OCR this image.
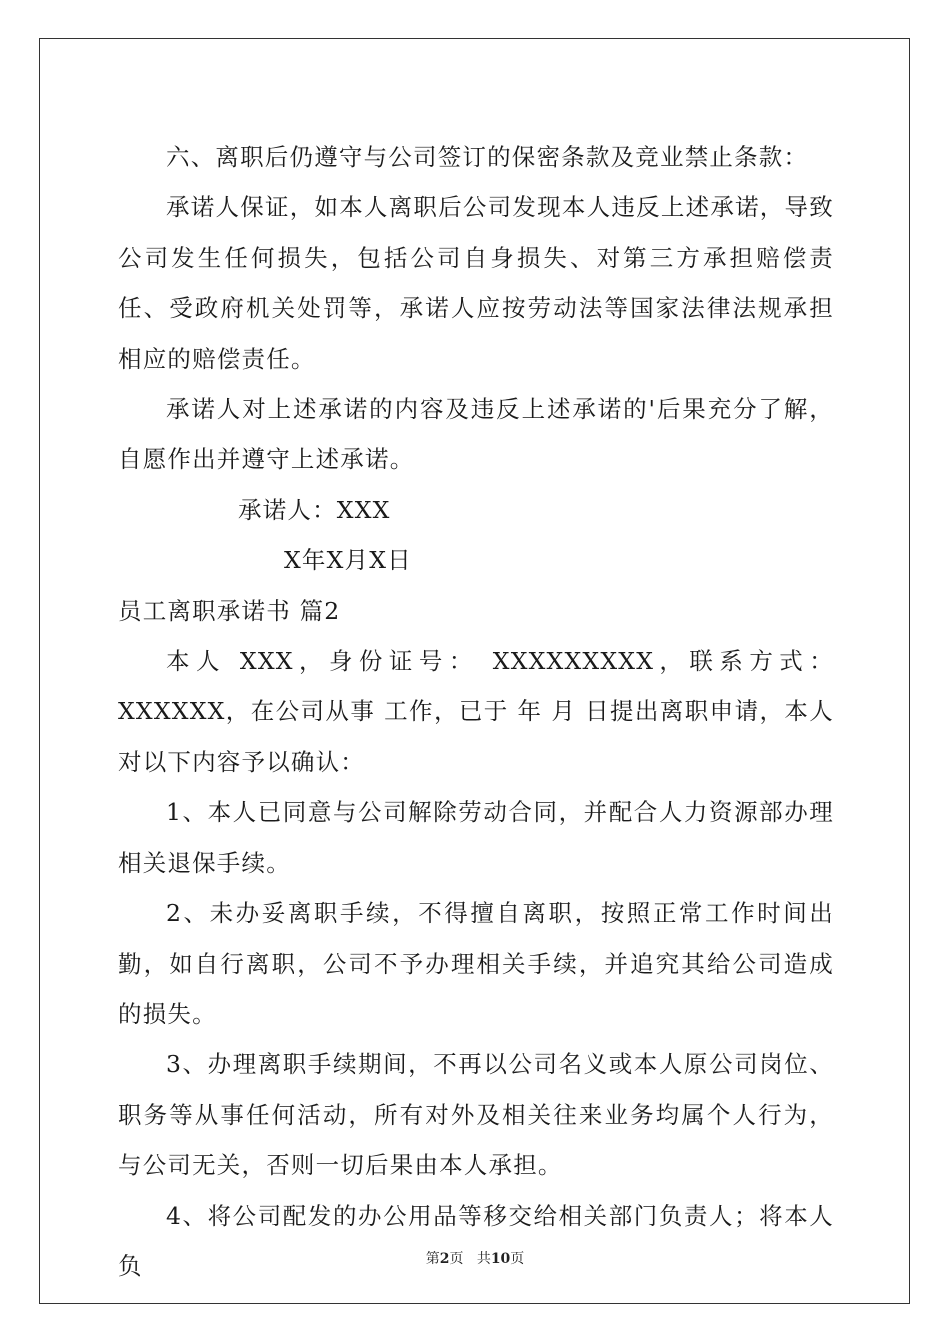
六、离职后仍遵守与公司签订的保密条款及竞业禁止条款：

承诺人保证，如本人离职后公司发现本人违反上述承诺，导致公司发生任何损失，包括公司自身损失、对第三方承担赔偿责任、受政府机关处罚等，承诺人应按劳动法等国家法律法规承担相应的赔偿责任。

承诺人对上述承诺的内容及违反上述承诺的'后果充分了解，自愿作出并遵守上述承诺。

承诺人：XXX

X年X月X日

员工离职承诺书 篇2

本人 XXX，身份证号： XXXXXXXXX，联系方式： XXXXXX，在公司从事 工作，已于 年 月 日提出离职申请，本人对以下内容予以确认：

1、本人已同意与公司解除劳动合同，并配合人力资源部办理相关退保手续。

2、未办妥离职手续，不得擅自离职，按照正常工作时间出勤，如自行离职，公司不予办理相关手续，并追究其给公司造成的损失。

3、办理离职手续期间，不再以公司名义或本人原公司岗位、职务等从事任何活动，所有对外及相关往来业务均属个人行为，与公司无关，否则一切后果由本人承担。

4、将公司配发的办公用品等移交给相关部门负责人；将本人负	第2页 共10页
